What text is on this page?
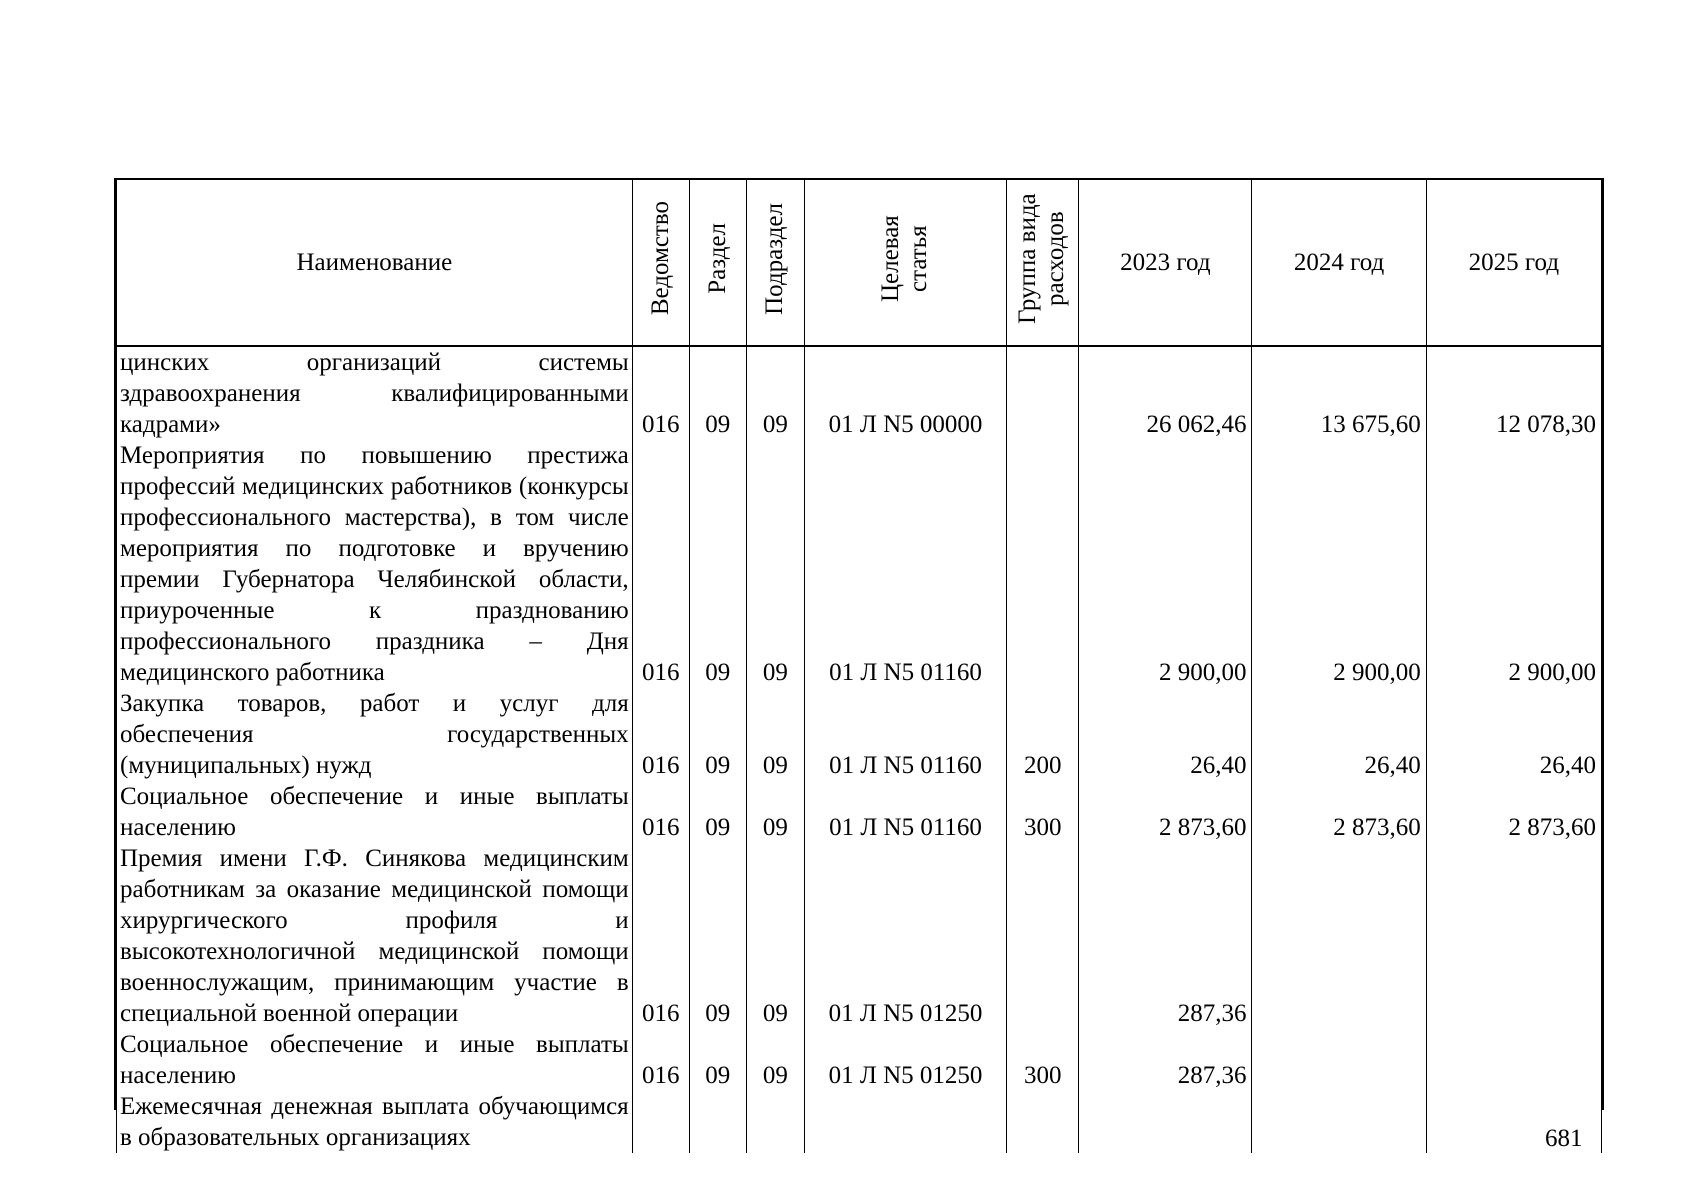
Наименование	Ведомство	Раздел	Подраздел	Целевая статья	Группа вида расходов	2023 год	2024 год	2025 год
цинских организаций системы здравоохранения квалифицированными кадрами»	016	09	09	01 Л N5 00000		26 062,46	13 675,60	12 078,30
Мероприятия по повышению престижа профессий медицинских работников (конкурсы профессионального мастерства), в том числе мероприятия по подготовке и вручению премии Губернатора Челябинской области, приуроченные к празднованию профессионального праздника – Дня медицинского работника	016	09	09	01 Л N5 01160		2 900,00	2 900,00	2 900,00
Закупка товаров, работ и услуг для обеспечения государственных (муниципальных) нужд	016	09	09	01 Л N5 01160	200	26,40	26,40	26,40
Социальное обеспечение и иные выплаты населению	016	09	09	01 Л N5 01160	300	2 873,60	2 873,60	2 873,60
Премия имени Г.Ф. Синякова медицинским работникам за оказание медицинской помощи хирургического профиля и высокотехнологичной медицинской помощи военнослужащим, принимающим участие в специальной военной операции	016	09	09	01 Л N5 01250		287,36		
Социальное обеспечение и иные выплаты населению	016	09	09	01 Л N5 01250	300	287,36		
Ежемесячная денежная выплата обучающимся в образовательных организациях									681
